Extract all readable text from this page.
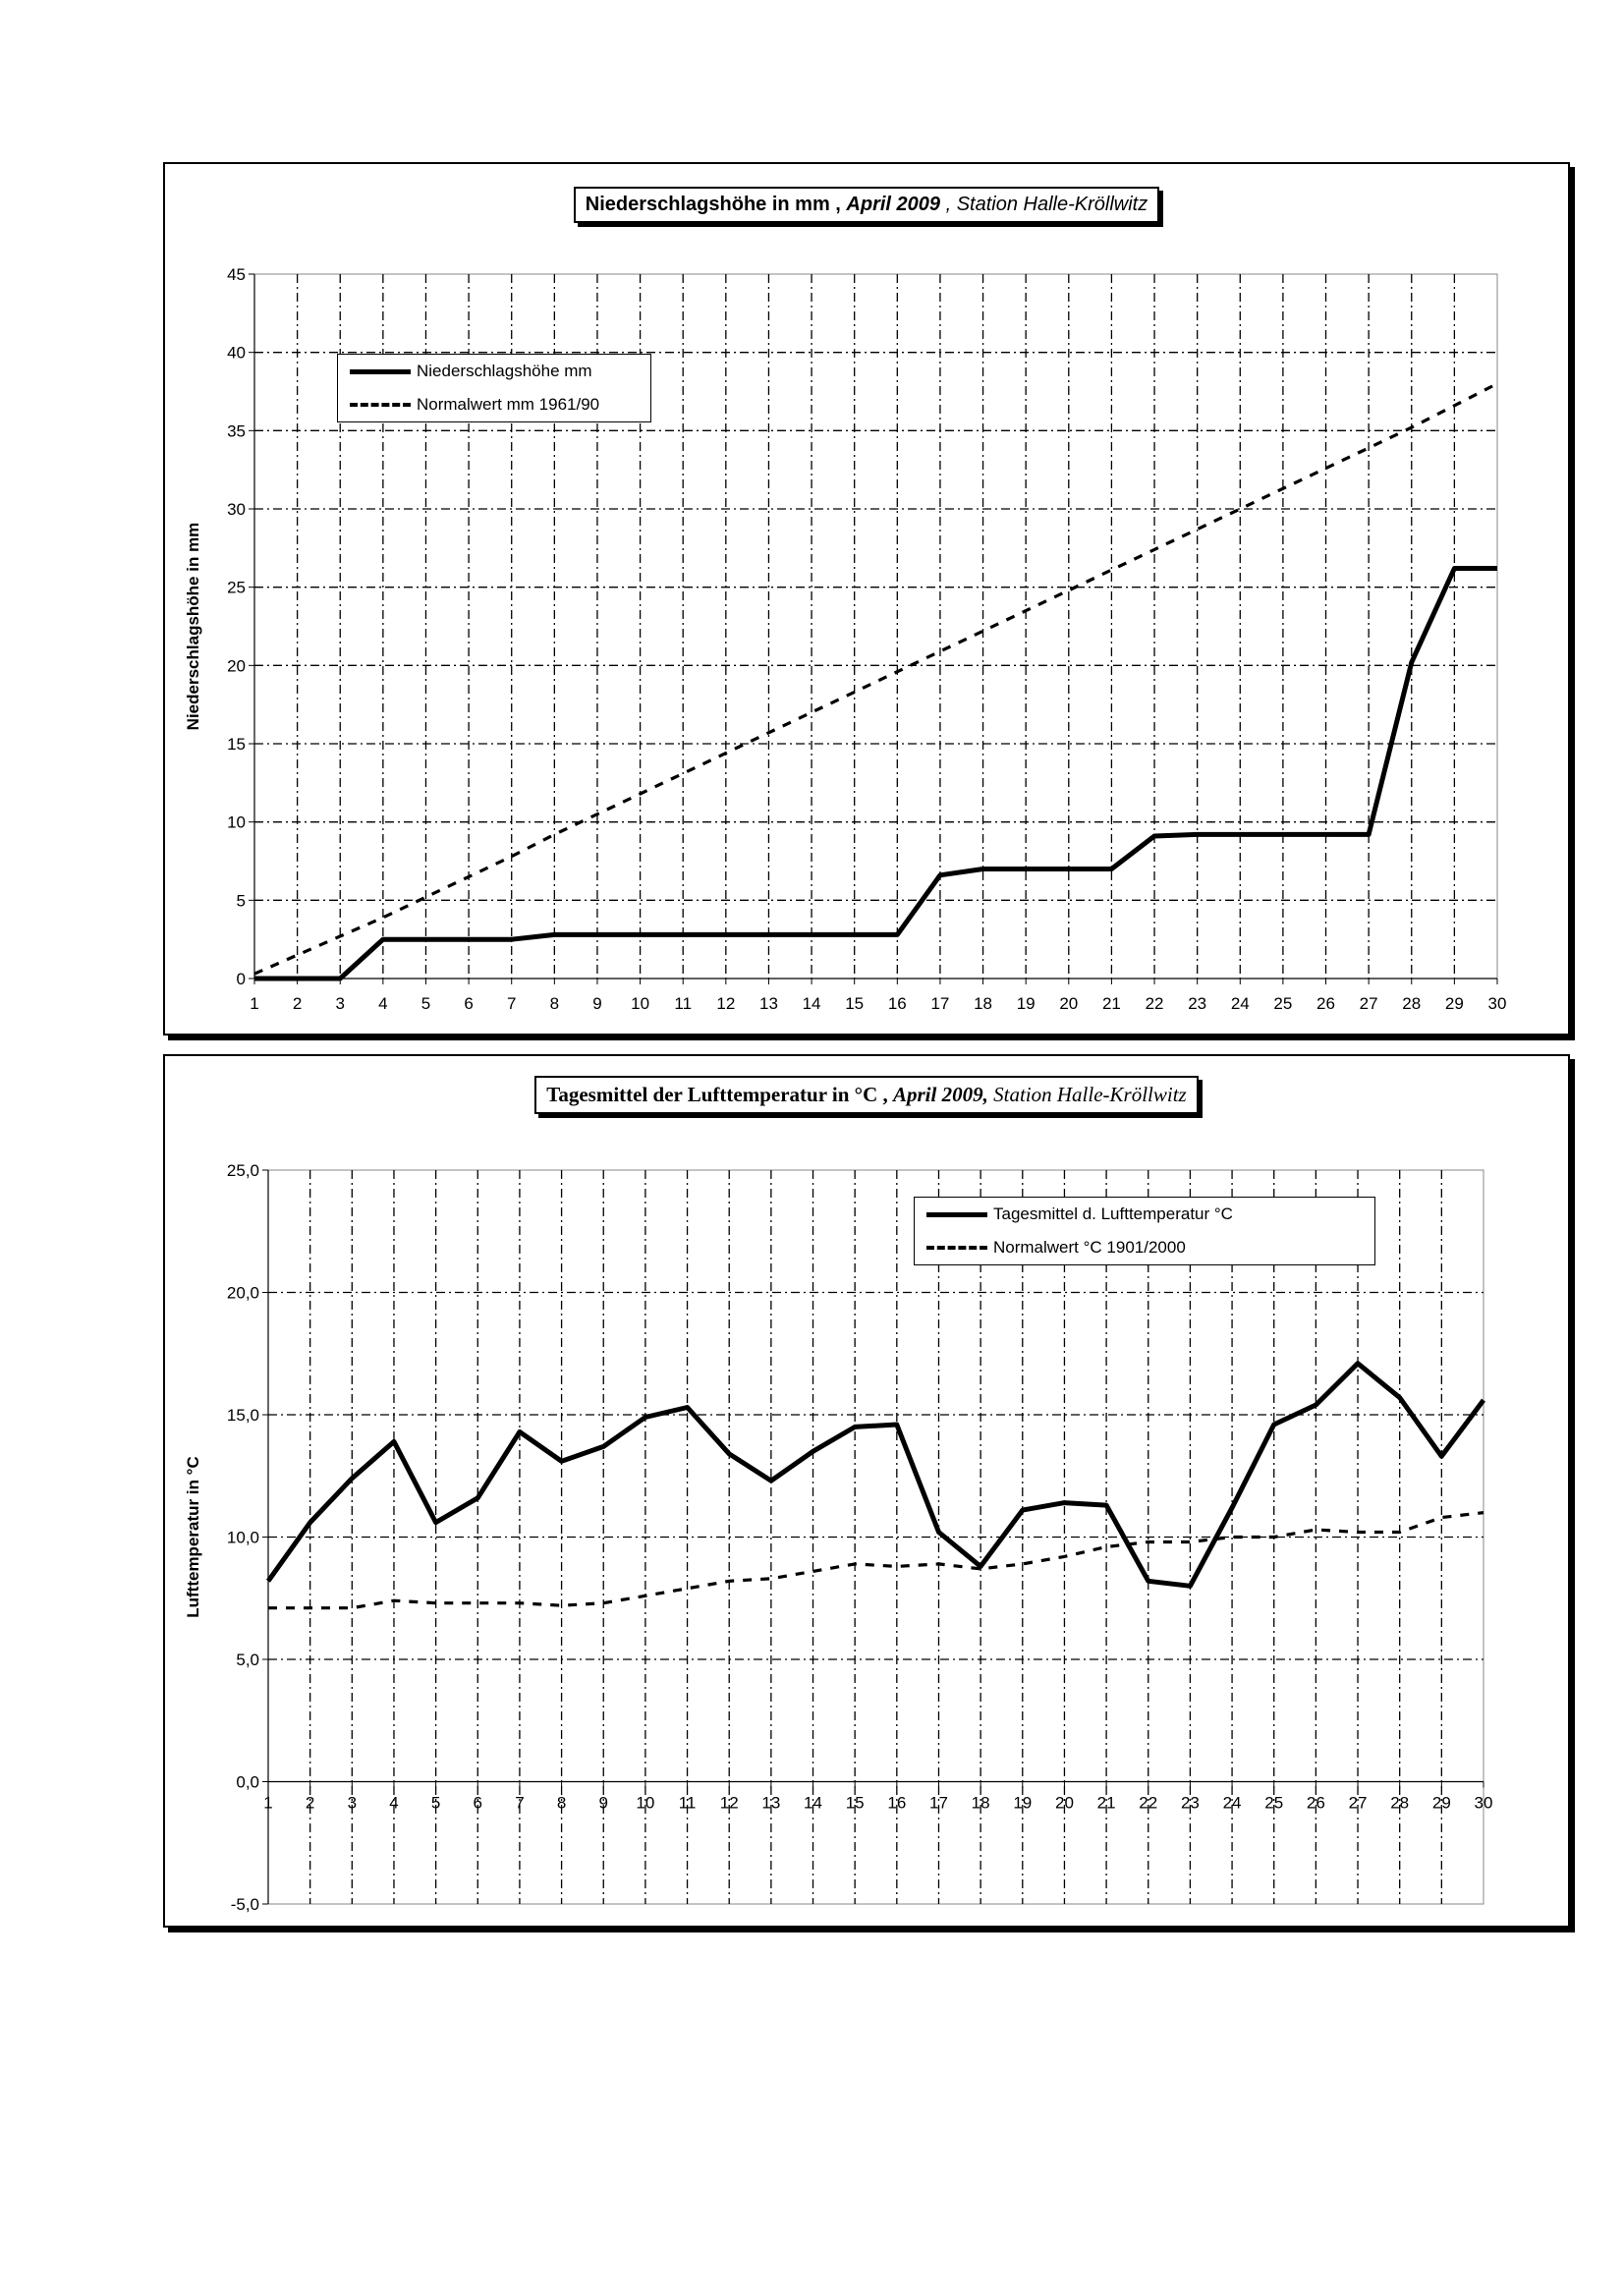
Niederschlagshöhe in mm , April 2009 , Station Halle-Kröllwitz
0
5
10
15
20
25
30
35
40
45
1 2 3 4 5 6 7 8 9 10 11 12 13 14 15 16 17 18 19 20 21 22 23 24 25 26 27 28 29 30
Niederschlagshöhe in mm
Niederschlagshöhe mm
Normalwert mm 1961/90
Tagesmittel der Lufttemperatur in °C , April 2009, Station Halle-Kröllwitz
-5,0
0,0
5,0
10,0
15,0
20,0
25,0
1 2 3 4 5 6 7 8 9 10 11 12 13 14 15 16 17 18 19 20 21 22 23 24 25 26 27 28 29 30
Lufttemperatur in °C
Tagesmittel d. Lufttemperatur °C
Normalwert °C 1901/2000
